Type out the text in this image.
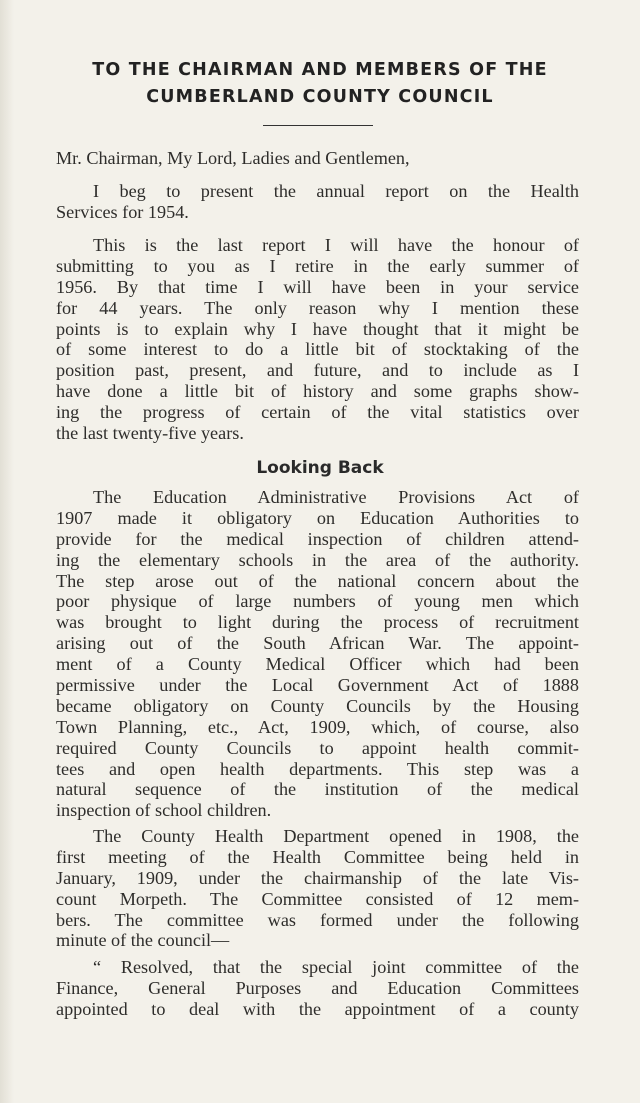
TO THE CHAIRMAN AND MEMBERS OF THE
CUMBERLAND COUNTY COUNCIL
Mr. Chairman, My Lord, Ladies and Gentlemen,
I beg to present the annual report on the Health
Services for 1954.
This is the last report I will have the honour of
submitting to you as I retire in the early summer of
1956. By that time I will have been in your service
for 44 years. The only reason why I mention these
points is to explain why I have thought that it might be
of some interest to do a little bit of stocktaking of the
position past, present, and future, and to include as I
have done a little bit of history and some graphs show-
ing the progress of certain of the vital statistics over
the last twenty-five years.
Looking Back
The Education Administrative Provisions Act of
1907 made it obligatory on Education Authorities to
provide for the medical inspection of children attend-
ing the elementary schools in the area of the authority.
The step arose out of the national concern about the
poor physique of large numbers of young men which
was brought to light during the process of recruitment
arising out of the South African War. The appoint-
ment of a County Medical Officer which had been
permissive under the Local Government Act of 1888
became obligatory on County Councils by the Housing
Town Planning, etc., Act, 1909, which, of course, also
required County Councils to appoint health commit-
tees and open health departments. This step was a
natural sequence of the institution of the medical
inspection of school children.
The County Health Department opened in 1908, the
first meeting of the Health Committee being held in
January, 1909, under the chairmanship of the late Vis-
count Morpeth. The Committee consisted of 12 mem-
bers. The committee was formed under the following
minute of the council—
“ Resolved, that the special joint committee of the
Finance, General Purposes and Education Committees
appointed to deal with the appointment of a county
